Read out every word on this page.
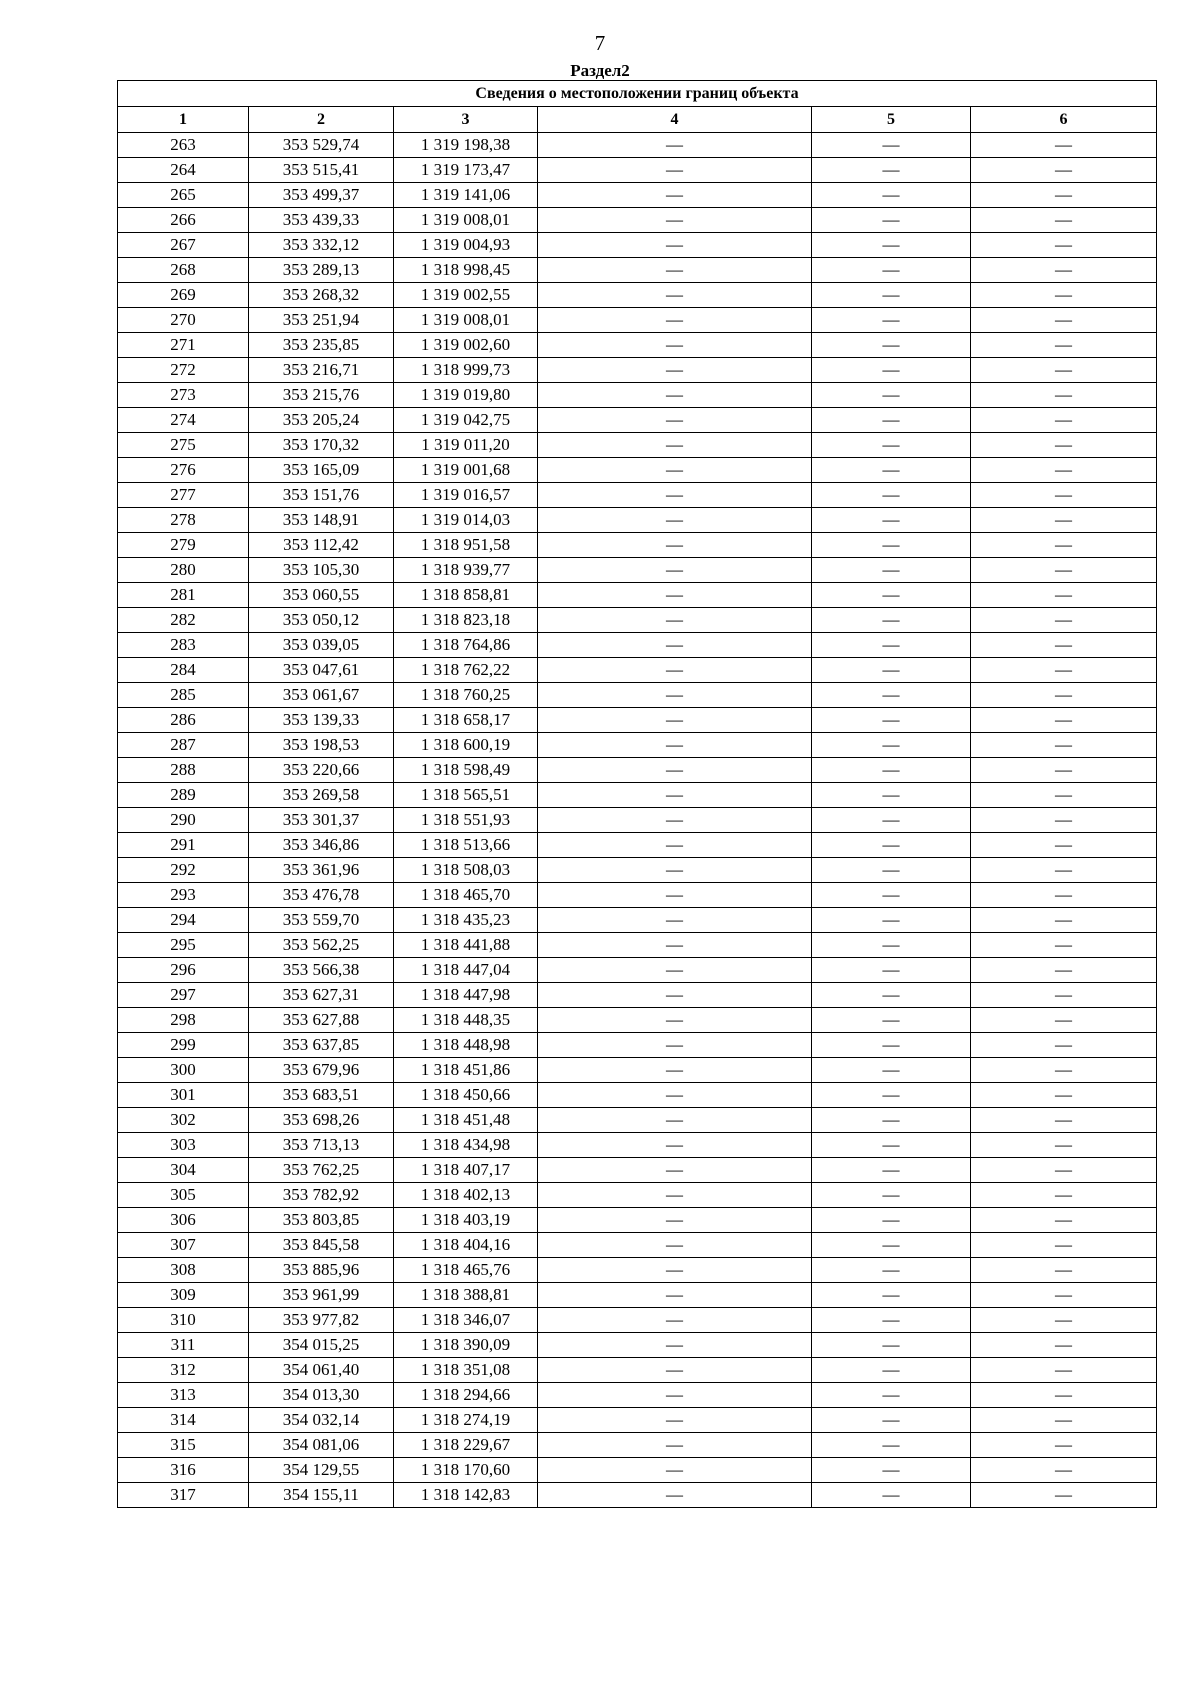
7
Раздел2
Сведения о местоположении границ объекта					
1	2	3	4	5	6
263	353 529,74	1 319 198,38	—	—	—
264	353 515,41	1 319 173,47	—	—	—
265	353 499,37	1 319 141,06	—	—	—
266	353 439,33	1 319 008,01	—	—	—
267	353 332,12	1 319 004,93	—	—	—
268	353 289,13	1 318 998,45	—	—	—
269	353 268,32	1 319 002,55	—	—	—
270	353 251,94	1 319 008,01	—	—	—
271	353 235,85	1 319 002,60	—	—	—
272	353 216,71	1 318 999,73	—	—	—
273	353 215,76	1 319 019,80	—	—	—
274	353 205,24	1 319 042,75	—	—	—
275	353 170,32	1 319 011,20	—	—	—
276	353 165,09	1 319 001,68	—	—	—
277	353 151,76	1 319 016,57	—	—	—
278	353 148,91	1 319 014,03	—	—	—
279	353 112,42	1 318 951,58	—	—	—
280	353 105,30	1 318 939,77	—	—	—
281	353 060,55	1 318 858,81	—	—	—
282	353 050,12	1 318 823,18	—	—	—
283	353 039,05	1 318 764,86	—	—	—
284	353 047,61	1 318 762,22	—	—	—
285	353 061,67	1 318 760,25	—	—	—
286	353 139,33	1 318 658,17	—	—	—
287	353 198,53	1 318 600,19	—	—	—
288	353 220,66	1 318 598,49	—	—	—
289	353 269,58	1 318 565,51	—	—	—
290	353 301,37	1 318 551,93	—	—	—
291	353 346,86	1 318 513,66	—	—	—
292	353 361,96	1 318 508,03	—	—	—
293	353 476,78	1 318 465,70	—	—	—
294	353 559,70	1 318 435,23	—	—	—
295	353 562,25	1 318 441,88	—	—	—
296	353 566,38	1 318 447,04	—	—	—
297	353 627,31	1 318 447,98	—	—	—
298	353 627,88	1 318 448,35	—	—	—
299	353 637,85	1 318 448,98	—	—	—
300	353 679,96	1 318 451,86	—	—	—
301	353 683,51	1 318 450,66	—	—	—
302	353 698,26	1 318 451,48	—	—	—
303	353 713,13	1 318 434,98	—	—	—
304	353 762,25	1 318 407,17	—	—	—
305	353 782,92	1 318 402,13	—	—	—
306	353 803,85	1 318 403,19	—	—	—
307	353 845,58	1 318 404,16	—	—	—
308	353 885,96	1 318 465,76	—	—	—
309	353 961,99	1 318 388,81	—	—	—
310	353 977,82	1 318 346,07	—	—	—
311	354 015,25	1 318 390,09	—	—	—
312	354 061,40	1 318 351,08	—	—	—
313	354 013,30	1 318 294,66	—	—	—
314	354 032,14	1 318 274,19	—	—	—
315	354 081,06	1 318 229,67	—	—	—
316	354 129,55	1 318 170,60	—	—	—
317	354 155,11	1 318 142,83	—	—	—
